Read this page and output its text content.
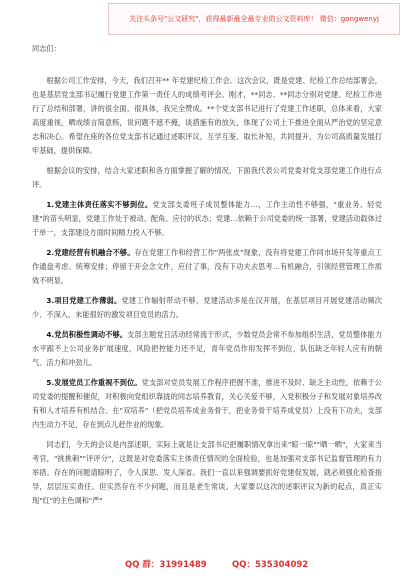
关注头条号"公文研究"，获得最新最全最专业的公文资料库！ 微信：gongwenyj

同志们：

根据公司工作安排，今天，我们召开** 年党建纪检工作会。这次会议，既是党建、纪检工作总结部署会，也是基层党支部书记履行党建工作第一责任人的成绩考评会。刚才，**同志、**同志分别对党建、纪检工作进行了总结和部署，讲的很全面，很具体，我完全赞成。**个党支部书记进行了党建工作述职，总体来看，大家高度重视，晒成绩言简意赅，说问题不遮不掩，谈措施有的放矢，体现了公司上下推进全面从严治党的坚定意志和决心。希望在座的各位党支部书记通过述职评议，互学互鉴、取长补短，共同提升，为公司高质量发展打牢基础，提供保障。

根据会议的安排，结合大家述职和各方面掌握了解的情况，下面我代表公司党委对党支部党建工作进行点评。

1.党建主体责任落实不够到位。党支部支委班子成员整体能力…，工作主动性不够强，"重业务、轻党建"的苗头明显，党建工作处于被动、配角、应付的状态；党建…依赖于公司党委的统一部署，党建活动载体过于单一，支部建设方面时间精力投入不够。

2.党建经营有机融合不够。存在党建工作和经营工作"两张皮"现象，没有将党建工作同市场开发等重点工作通盘考虑、统筹安排；停留于开会念文件，应付了事，没有下功夫去思考…有机融合，引领经营管理工作质效不明显。

3.项目党建工作薄弱。党建工作辐射带动不够，党建活动多是在汉开展，在基层项目开展党建活动频次少、不深入，未能很好的激发项目党员的活力。

4.党员积极性调动不够。支部主题党日活动经常流于形式，少数党员会常不参加组织生活，党员整体能力水平跟不上公司业务扩展速度，风险把控能力还不足，青年党员作用发挥不到位，队伍缺乏年轻人应有的朝气、活力和冲劲儿。

5.发展党员工作重视不到位。党支部对党员发展工作程序把握不准，推进不及时、缺乏主动性，依赖于公司党委的提醒和催促，对积极向党组织靠拢的同志培养教育，关心关爱不够，入党积极分子和发展对象培养改有和人才培养有机结合。在"双培养"（把党员培养成业务骨干，把业务骨干培养成党员）上没有下功夫，支部内生动力不足，存在到点儿赶作业的现象。

同志们，今天的会议是内部述职，实际上就是让支部书记把履职情况拿出来"晾一晾""晒一晒"，大家来当考官，"挑挑刺""评评分"，这既是对党委落实主体责任情况的全面检验，也是加强对支部书记监督管理的有力举措。存在的问题请晾明了，令人深思、发人深省。我们一直以来强调要抓好党建促发展，就必须强化检查指导，层层压实责任。但实然存在不少问题，而且是老生常谈。大家要以这次的述职评议为新的起点，真正实现"红"的主色调和"严"

QQ 群：31991489	QQ：535304092
